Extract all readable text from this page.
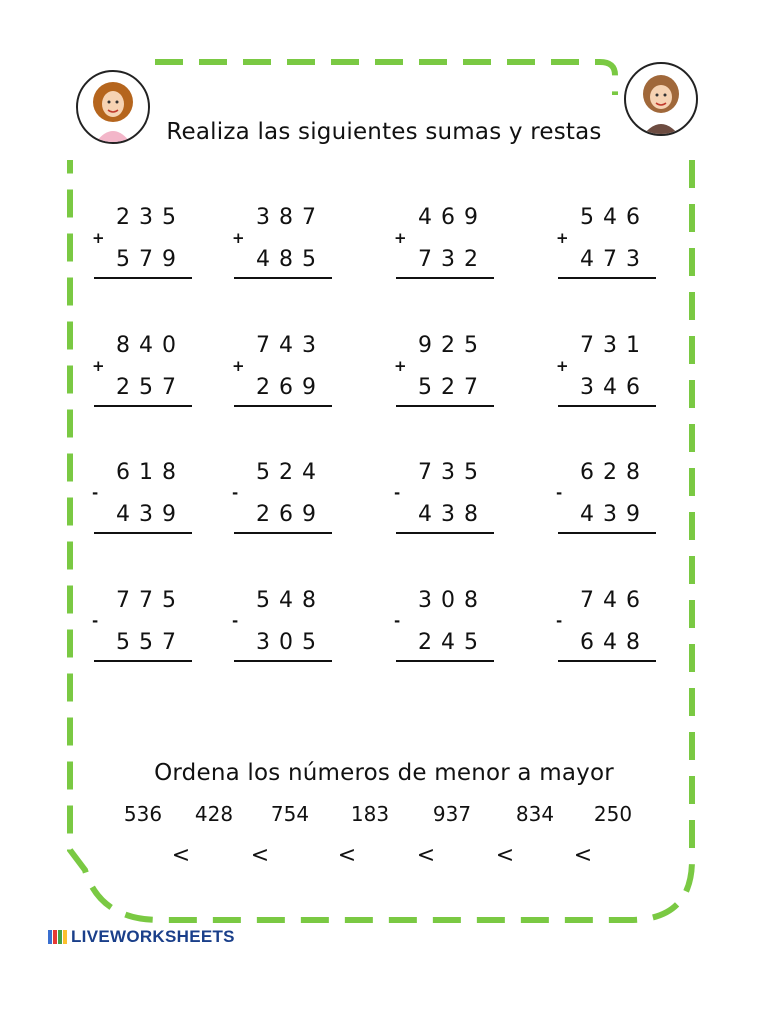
Realiza las siguientes sumas y restas
+
235
579
+
387
485
+
469
732
+
546
473
+
840
257
+
743
269
+
925
527
+
731
346
-
618
439
-
524
269
-
735
438
-
628
439
-
775
557
-
548
305
-
308
245
-
746
648
Ordena los números de menor a mayor
536	428	754	183	937	834	250
<	<	<	<	<	<
LIVEWORKSHEETS
